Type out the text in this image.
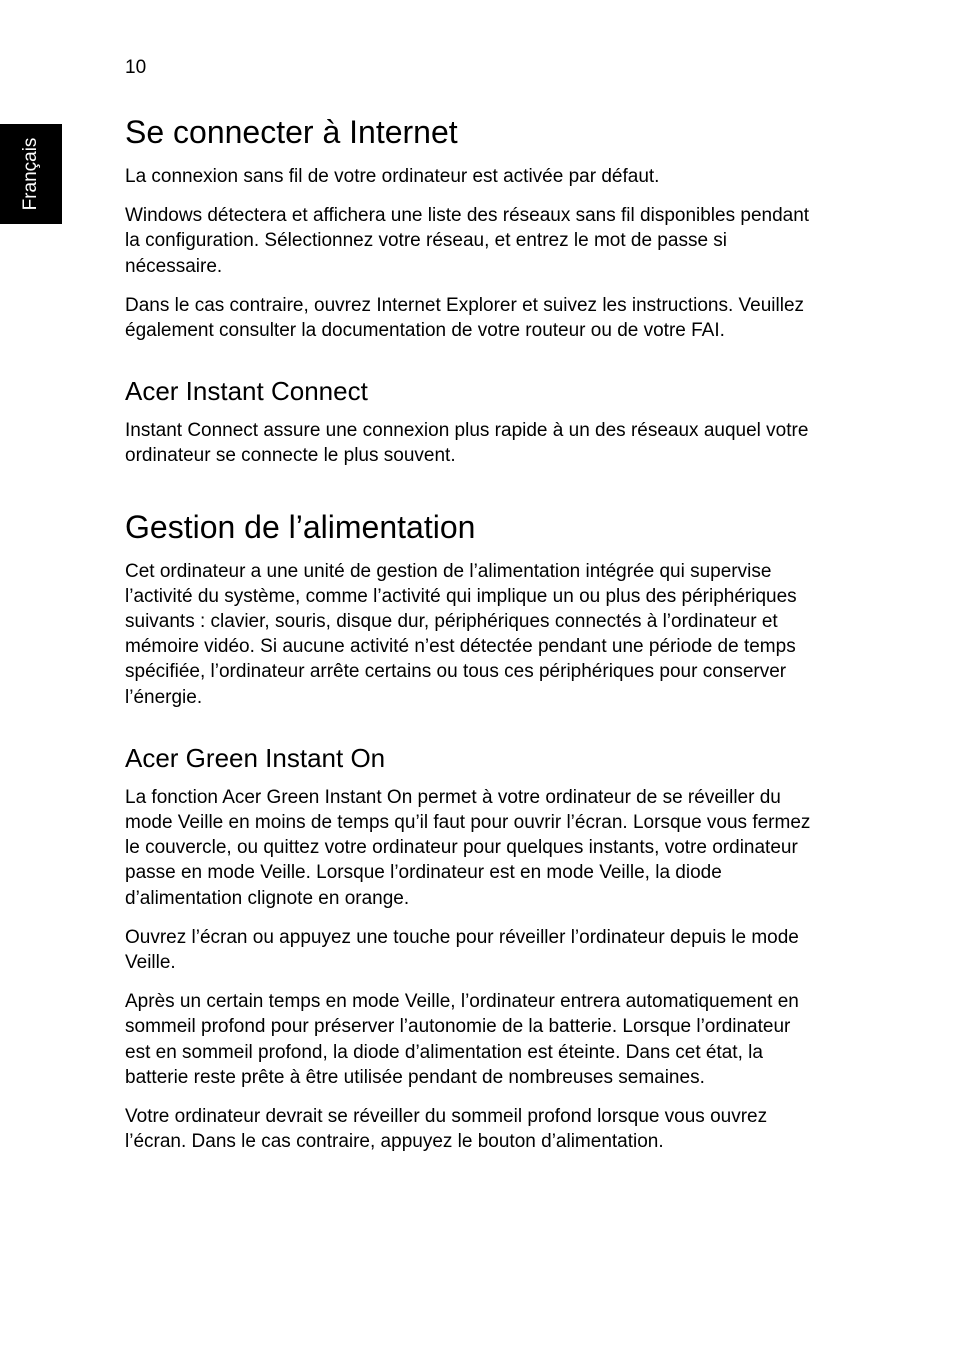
10
Français
Se connecter à Internet

La connexion sans fil de votre ordinateur est activée par défaut.

Windows détectera et affichera une liste des réseaux sans fil disponibles pendant la configuration. Sélectionnez votre réseau, et entrez le mot de passe si nécessaire.

Dans le cas contraire, ouvrez Internet Explorer et suivez les instructions. Veuillez également consulter la documentation de votre routeur ou de votre FAI.

Acer Instant Connect

Instant Connect assure une connexion plus rapide à un des réseaux auquel votre ordinateur se connecte le plus souvent.

Gestion de l’alimentation

Cet ordinateur a une unité de gestion de l’alimentation intégrée qui supervise l’activité du système, comme l’activité qui implique un ou plus des périphériques suivants : clavier, souris, disque dur, périphériques connectés à l’ordinateur et mémoire vidéo. Si aucune activité n’est détectée pendant une période de temps spécifiée, l’ordinateur arrête certains ou tous ces périphériques pour conserver l’énergie.

Acer Green Instant On

La fonction Acer Green Instant On permet à votre ordinateur de se réveiller du mode Veille en moins de temps qu’il faut pour ouvrir l’écran. Lorsque vous fermez le couvercle, ou quittez votre ordinateur pour quelques instants, votre ordinateur passe en mode Veille. Lorsque l’ordinateur est en mode Veille, la diode d’alimentation clignote en orange.

Ouvrez l’écran ou appuyez une touche pour réveiller l’ordinateur depuis le mode Veille.

Après un certain temps en mode Veille, l’ordinateur entrera automatiquement en sommeil profond pour préserver l’autonomie de la batterie. Lorsque l’ordinateur est en sommeil profond, la diode d’alimentation est éteinte. Dans cet état, la batterie reste prête à être utilisée pendant de nombreuses semaines.

Votre ordinateur devrait se réveiller du sommeil profond lorsque vous ouvrez l’écran. Dans le cas contraire, appuyez le bouton d’alimentation.
